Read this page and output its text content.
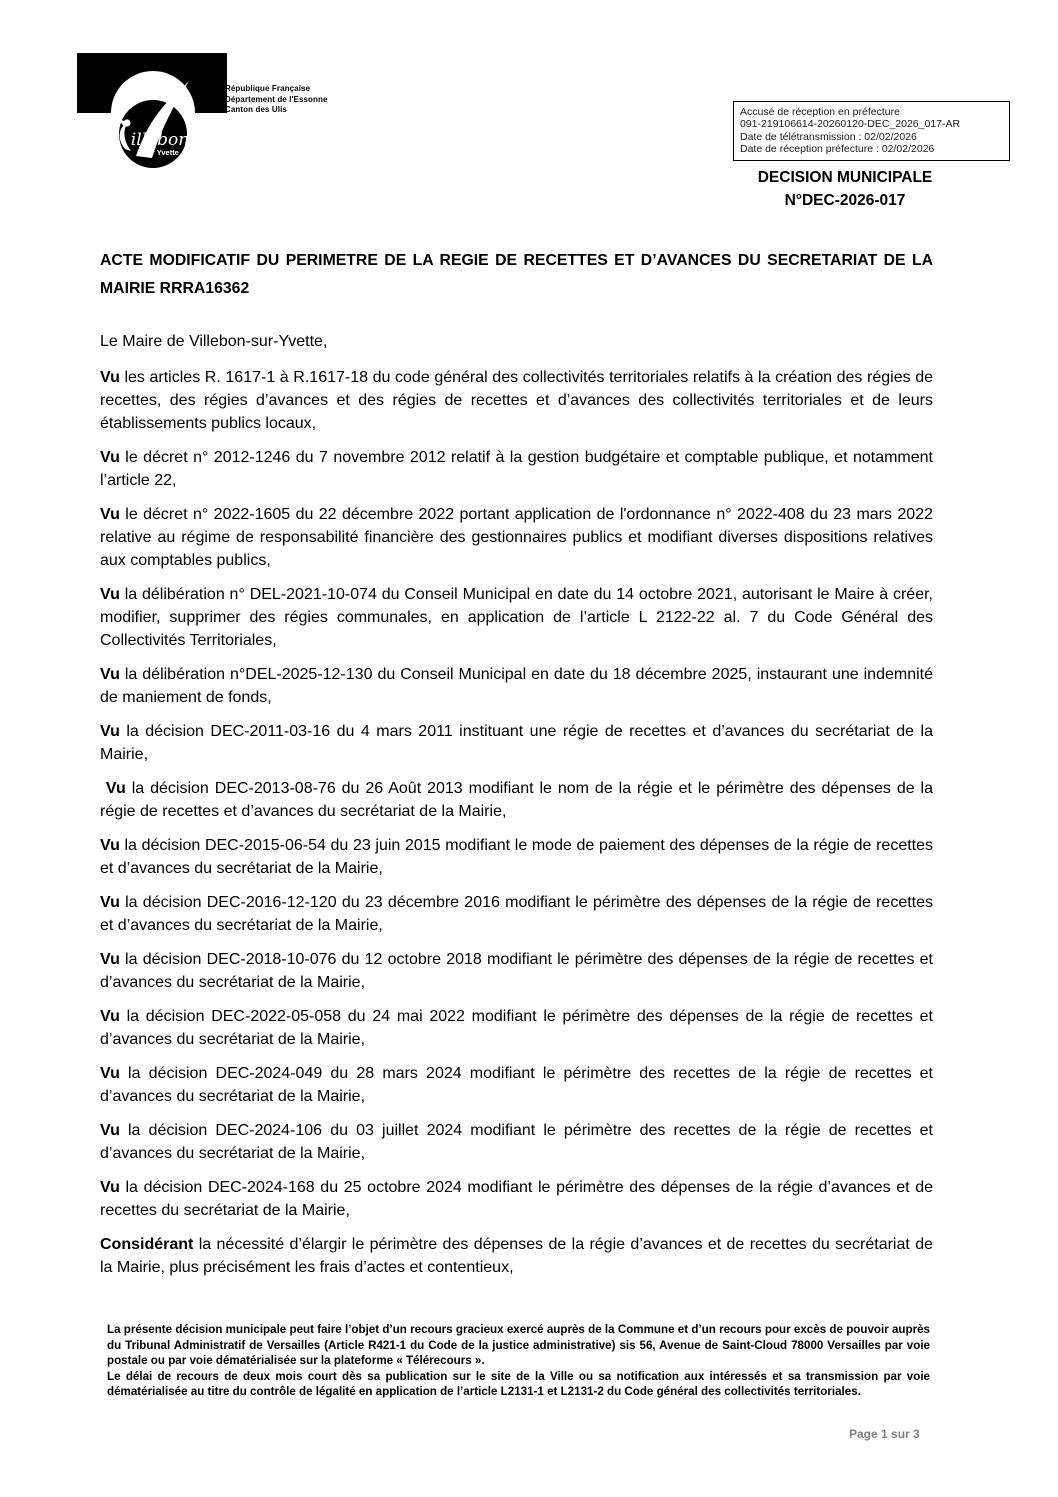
illebon
sur Yvette
République Française
Département de l'Essonne
Canton des Ulis	Accusé de réception en préfecture
091-219106614-20260120-DEC_2026_017-AR
Date de télétransmission : 02/02/2026
Date de réception préfecture : 02/02/2026
DECISION MUNICIPALE
N°DEC-2026-017
ACTE MODIFICATIF DU PERIMETRE DE LA REGIE DE RECETTES ET D’AVANCES DU SECRETARIAT DE LA MAIRIE RRRA16362

Le Maire de Villebon-sur-Yvette,

Vu les articles R. 1617-1 à R.1617-18 du code général des collectivités territoriales relatifs à la création des régies de recettes, des régies d’avances et des régies de recettes et d’avances des collectivités territoriales et de leurs établissements publics locaux,

Vu le décret n° 2012-1246 du 7 novembre 2012 relatif à la gestion budgétaire et comptable publique, et notamment l’article 22,

Vu le décret n° 2022-1605 du 22 décembre 2022 portant application de l'ordonnance n° 2022-408 du 23 mars 2022 relative au régime de responsabilité financière des gestionnaires publics et modifiant diverses dispositions relatives aux comptables publics,

Vu la délibération n° DEL-2021-10-074 du Conseil Municipal en date du 14 octobre 2021, autorisant le Maire à créer, modifier, supprimer des régies communales, en application de l’article L 2122-22 al. 7 du Code Général des Collectivités Territoriales,

Vu la délibération n°DEL-2025-12-130 du Conseil Municipal en date du 18 décembre 2025, instaurant une indemnité de maniement de fonds,

Vu la décision DEC-2011-03-16 du 4 mars 2011 instituant une régie de recettes et d’avances du secrétariat de la Mairie,

Vu la décision DEC-2013-08-76 du 26 Août 2013 modifiant le nom de la régie et le périmètre des dépenses de la régie de recettes et d’avances du secrétariat de la Mairie,

Vu la décision DEC-2015-06-54 du 23 juin 2015 modifiant le mode de paiement des dépenses de la régie de recettes et d’avances du secrétariat de la Mairie,

Vu la décision DEC-2016-12-120 du 23 décembre 2016 modifiant le périmètre des dépenses de la régie de recettes et d’avances du secrétariat de la Mairie,

Vu la décision DEC-2018-10-076 du 12 octobre 2018 modifiant le périmètre des dépenses de la régie de recettes et d’avances du secrétariat de la Mairie,

Vu la décision DEC-2022-05-058 du 24 mai 2022 modifiant le périmètre des dépenses de la régie de recettes et d’avances du secrétariat de la Mairie,

Vu la décision DEC-2024-049 du 28 mars 2024 modifiant le périmètre des recettes de la régie de recettes et d’avances du secrétariat de la Mairie,

Vu la décision DEC-2024-106 du 03 juillet 2024 modifiant le périmètre des recettes de la régie de recettes et d’avances du secrétariat de la Mairie,

Vu la décision DEC-2024-168 du 25 octobre 2024 modifiant le périmètre des dépenses de la régie d’avances et de recettes du secrétariat de la Mairie,

Considérant la nécessité d’élargir le périmètre des dépenses de la régie d’avances et de recettes du secrétariat de la Mairie, plus précisément les frais d’actes et contentieux,

La présente décision municipale peut faire l’objet d’un recours gracieux exercé auprès de la Commune et d’un recours pour excès de pouvoir auprès du Tribunal Administratif de Versailles (Article R421-1 du Code de la justice administrative) sis 56, Avenue de Saint-Cloud 78000 Versailles par voie postale ou par voie dématérialisée sur la plateforme « Télérecours ».

Le délai de recours de deux mois court dès sa publication sur le site de la Ville ou sa notification aux intéressés et sa transmission par voie dématérialisée au titre du contrôle de légalité en application de l’article L2131-1 et L2131-2 du Code général des collectivités territoriales.

Page 1 sur 3
